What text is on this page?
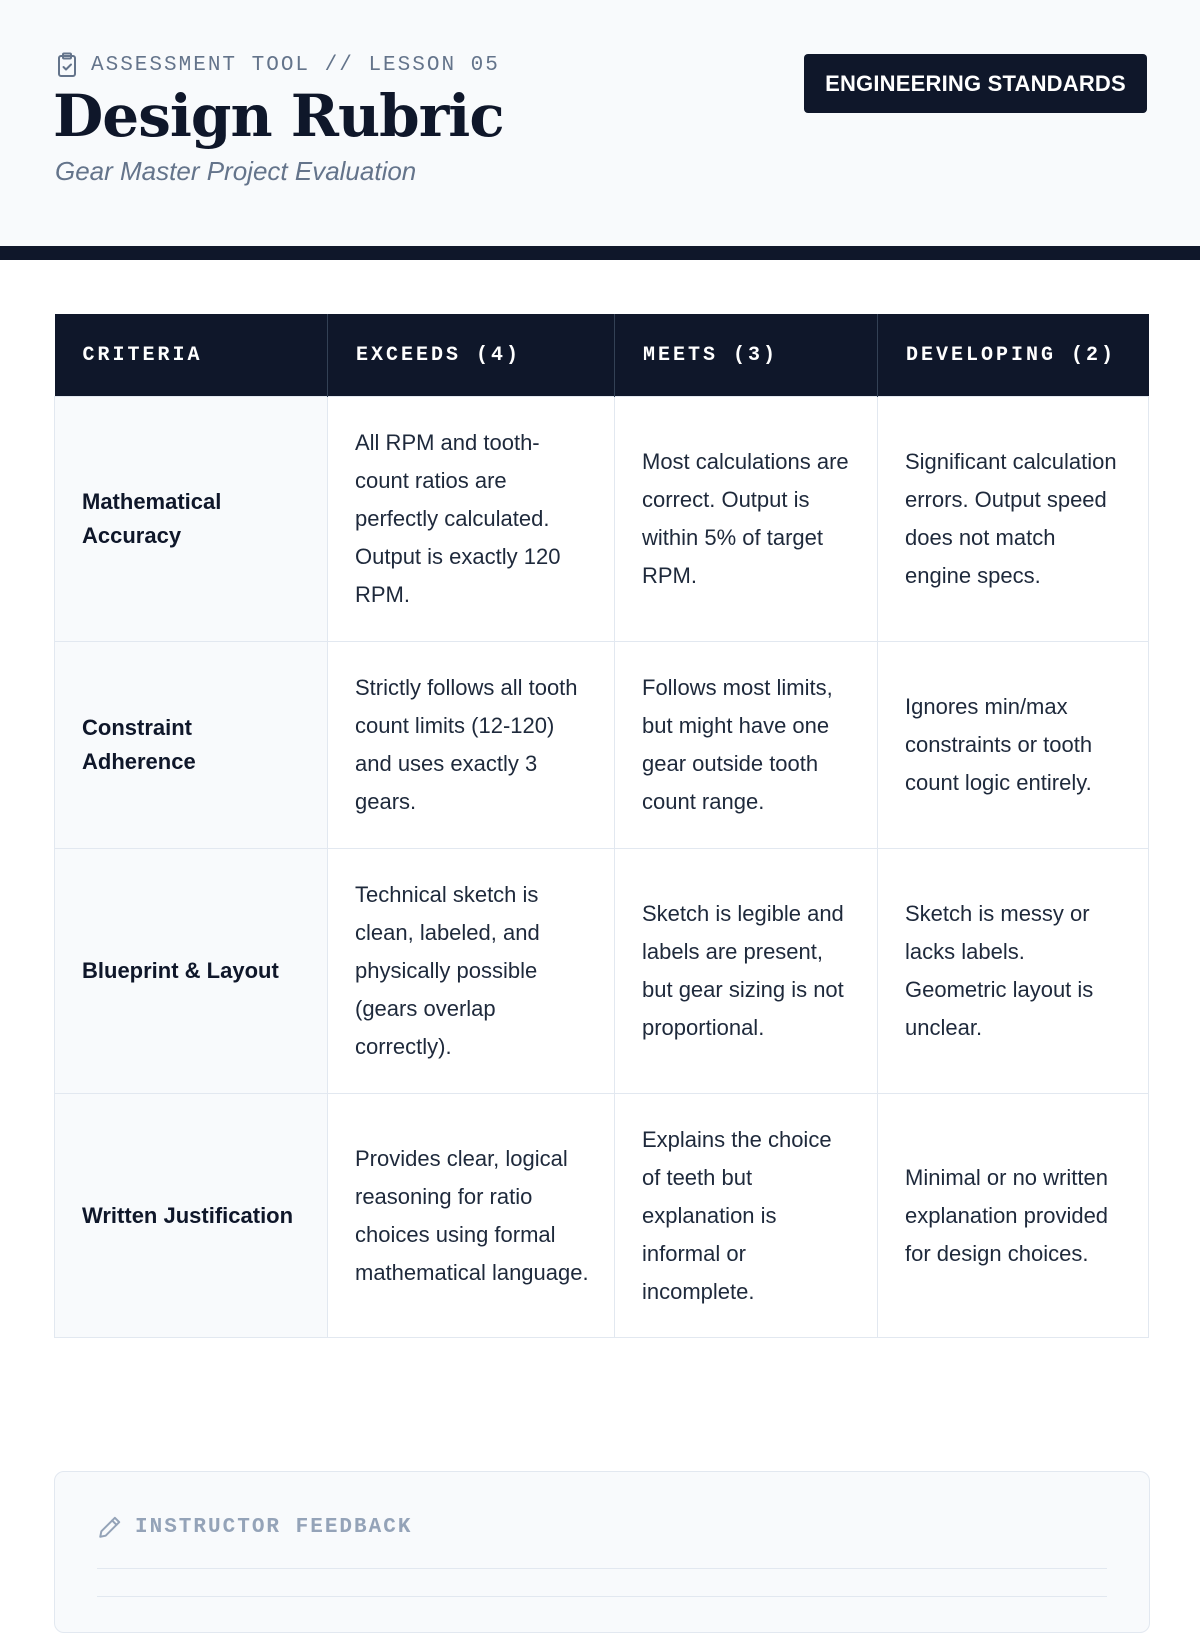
ASSESSMENT TOOL // LESSON 05
Design Rubric
Gear Master Project Evaluation
ENGINEERING STANDARDS
CRITERIA	EXCEEDS (4)	MEETS (3)	DEVELOPING (2)
Mathematical Accuracy	All RPM and tooth-count ratios are perfectly calculated. Output is exactly 120 RPM.	Most calculations are correct. Output is within 5% of target RPM.	Significant calculation errors. Output speed does not match engine specs.
Constraint Adherence	Strictly follows all tooth count limits (12-120) and uses exactly 3 gears.	Follows most limits, but might have one gear outside tooth count range.	Ignores min/max constraints or tooth count logic entirely.
Blueprint & Layout	Technical sketch is clean, labeled, and physically possible (gears overlap correctly).	Sketch is legible and labels are present, but gear sizing is not proportional.	Sketch is messy or lacks labels. Geometric layout is unclear.
Written Justification	Provides clear, logical reasoning for ratio choices using formal mathematical language.	Explains the choice of teeth but explanation is informal or incomplete.	Minimal or no written explanation provided for design choices.
INSTRUCTOR FEEDBACK
